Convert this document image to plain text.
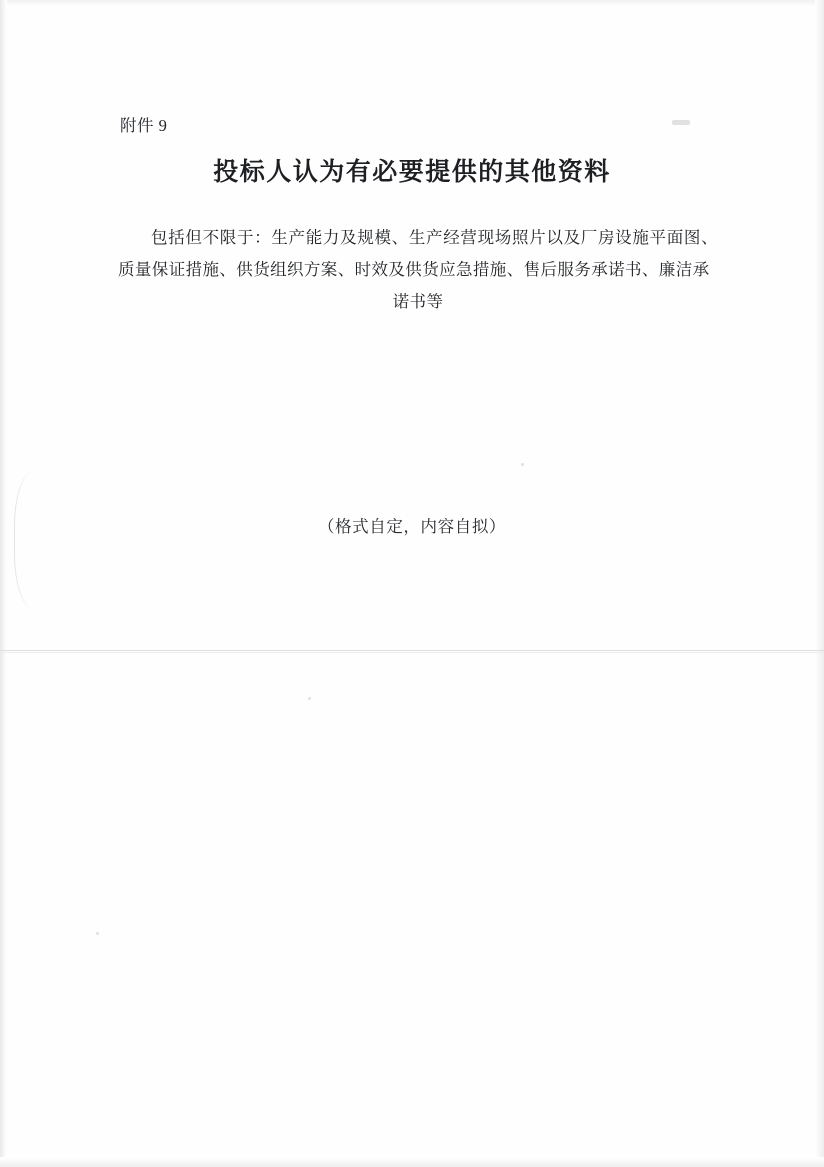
附件 9
投标人认为有必要提供的其他资料
包括但不限于：生产能力及规模、生产经营现场照片以及厂房设施平面图、质量保证措施、供货组织方案、时效及供货应急措施、售后服务承诺书、廉洁承
诺书等
（格式自定，内容自拟）
